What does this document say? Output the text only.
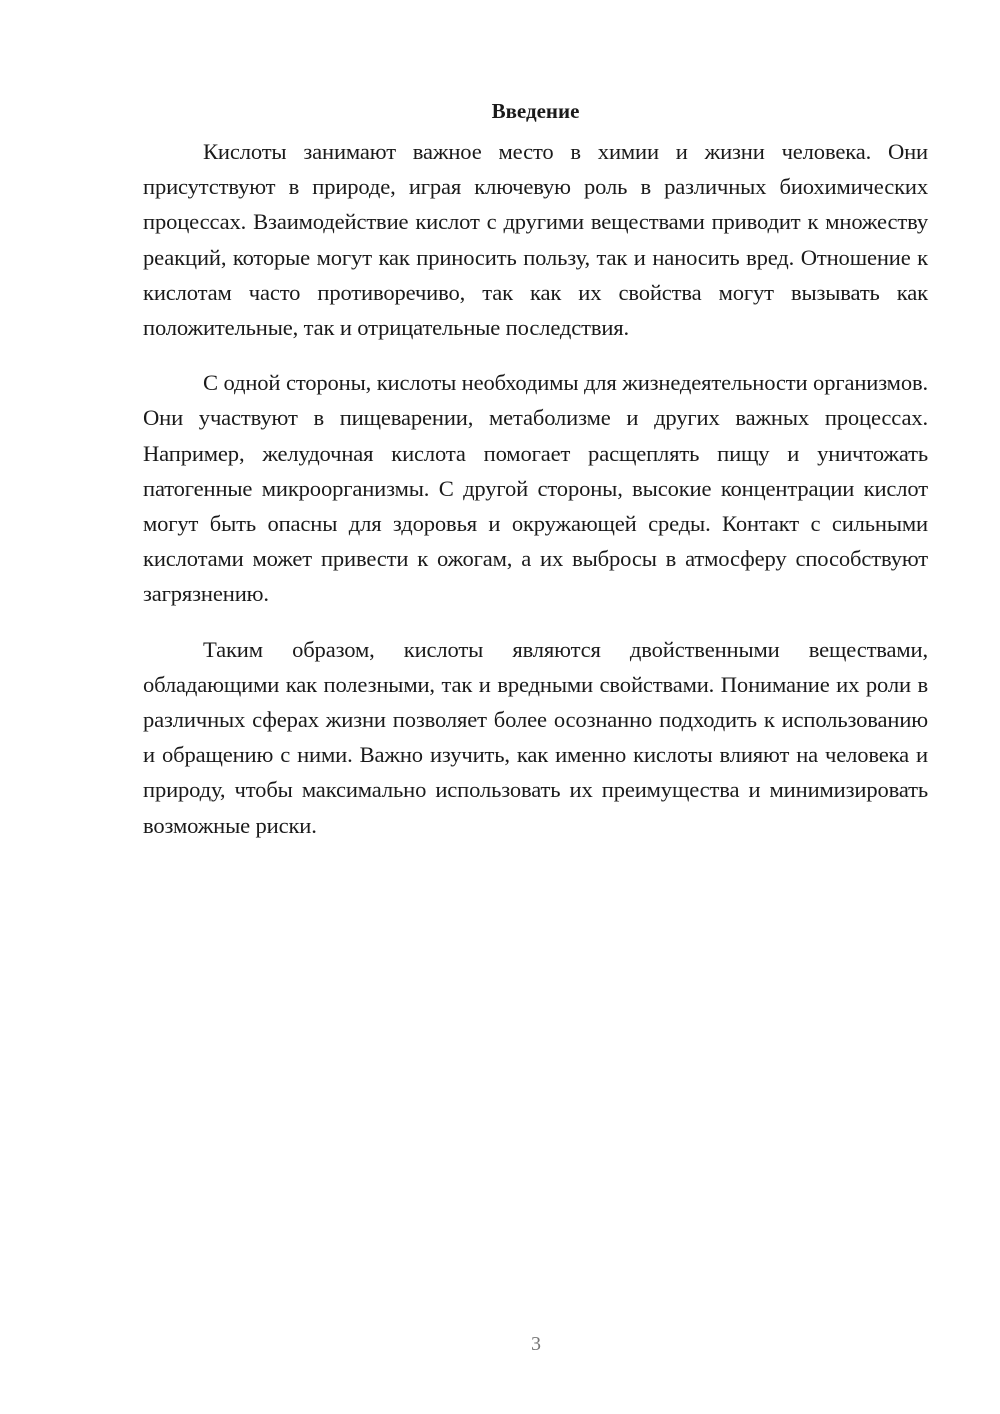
Введение

Кислоты занимают важное место в химии и жизни человека. Они присутствуют в природе, играя ключевую роль в различных биохимических процессах. Взаимодействие кислот с другими веществами приводит к множеству реакций, которые могут как приносить пользу, так и наносить вред. Отношение к кислотам часто противоречиво, так как их свойства могут вызывать как положительные, так и отрицательные последствия.

С одной стороны, кислоты необходимы для жизнедеятельности организмов. Они участвуют в пищеварении, метаболизме и других важных процессах. Например, желудочная кислота помогает расщеплять пищу и уничтожать патогенные микроорганизмы. С другой стороны, высокие концентрации кислот могут быть опасны для здоровья и окружающей среды. Контакт с сильными кислотами может привести к ожогам, а их выбросы в атмосферу способствуют загрязнению.

Таким образом, кислоты являются двойственными веществами, обладающими как полезными, так и вредными свойствами. Понимание их роли в различных сферах жизни позволяет более осознанно подходить к использованию и обращению с ними. Важно изучить, как именно кислоты влияют на человека и природу, чтобы максимально использовать их преимущества и минимизировать возможные риски.

3
